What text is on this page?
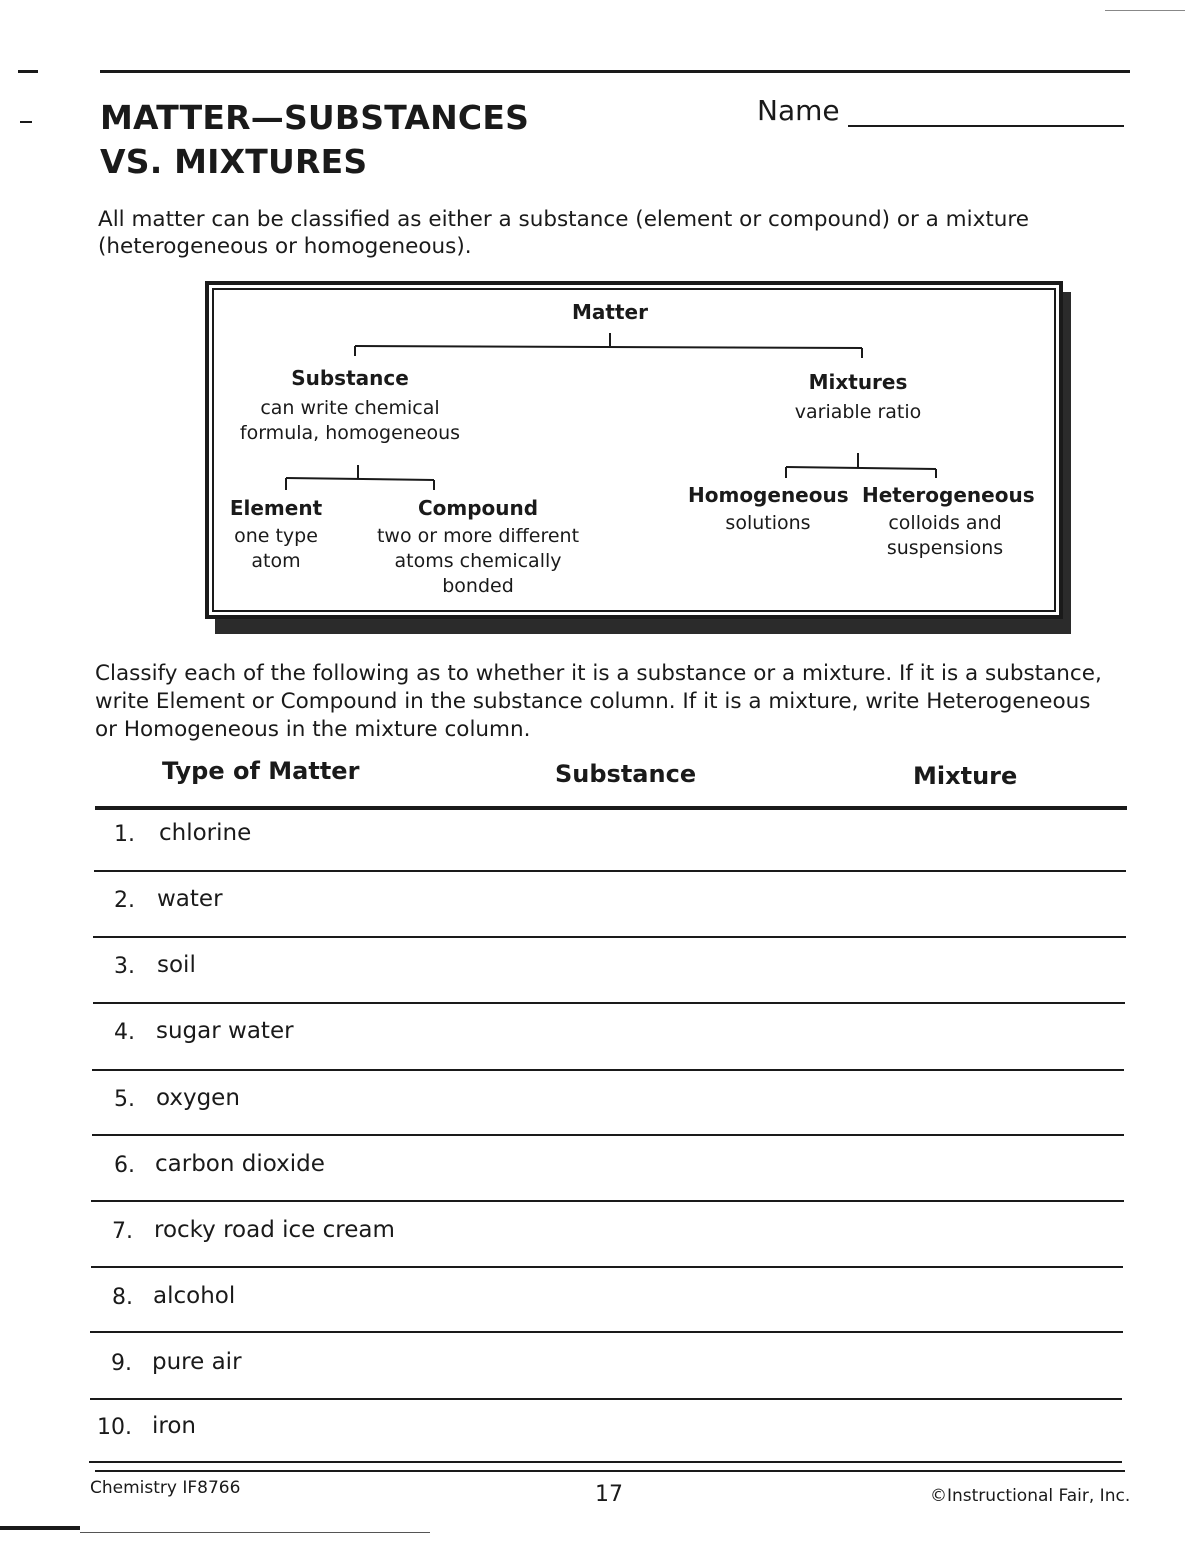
MATTER—SUBSTANCES
VS. MIXTURES
Name
All matter can be classified as either a substance (element or compound) or a mixture (heterogeneous or homogeneous).
Matter
Substance
can write chemical
formula, homogeneous
Mixtures
variable ratio
Element
one type
atom
Compound
two or more different
atoms chemically
bonded
Homogeneous
solutions
Heterogeneous
colloids and
suspensions
Classify each of the following as to whether it is a substance or a mixture. If it is a substance, write Element or Compound in the substance column. If it is a mixture, write Heterogeneous or Homogeneous in the mixture column.
Type of Matter	Substance	Mixture
1. chlorine
2. water
3. soil
4. sugar water
5. oxygen
6. carbon dioxide
7. rocky road ice cream
8. alcohol
9. pure air
10. iron
Chemistry IF8766	17	©Instructional Fair, Inc.
